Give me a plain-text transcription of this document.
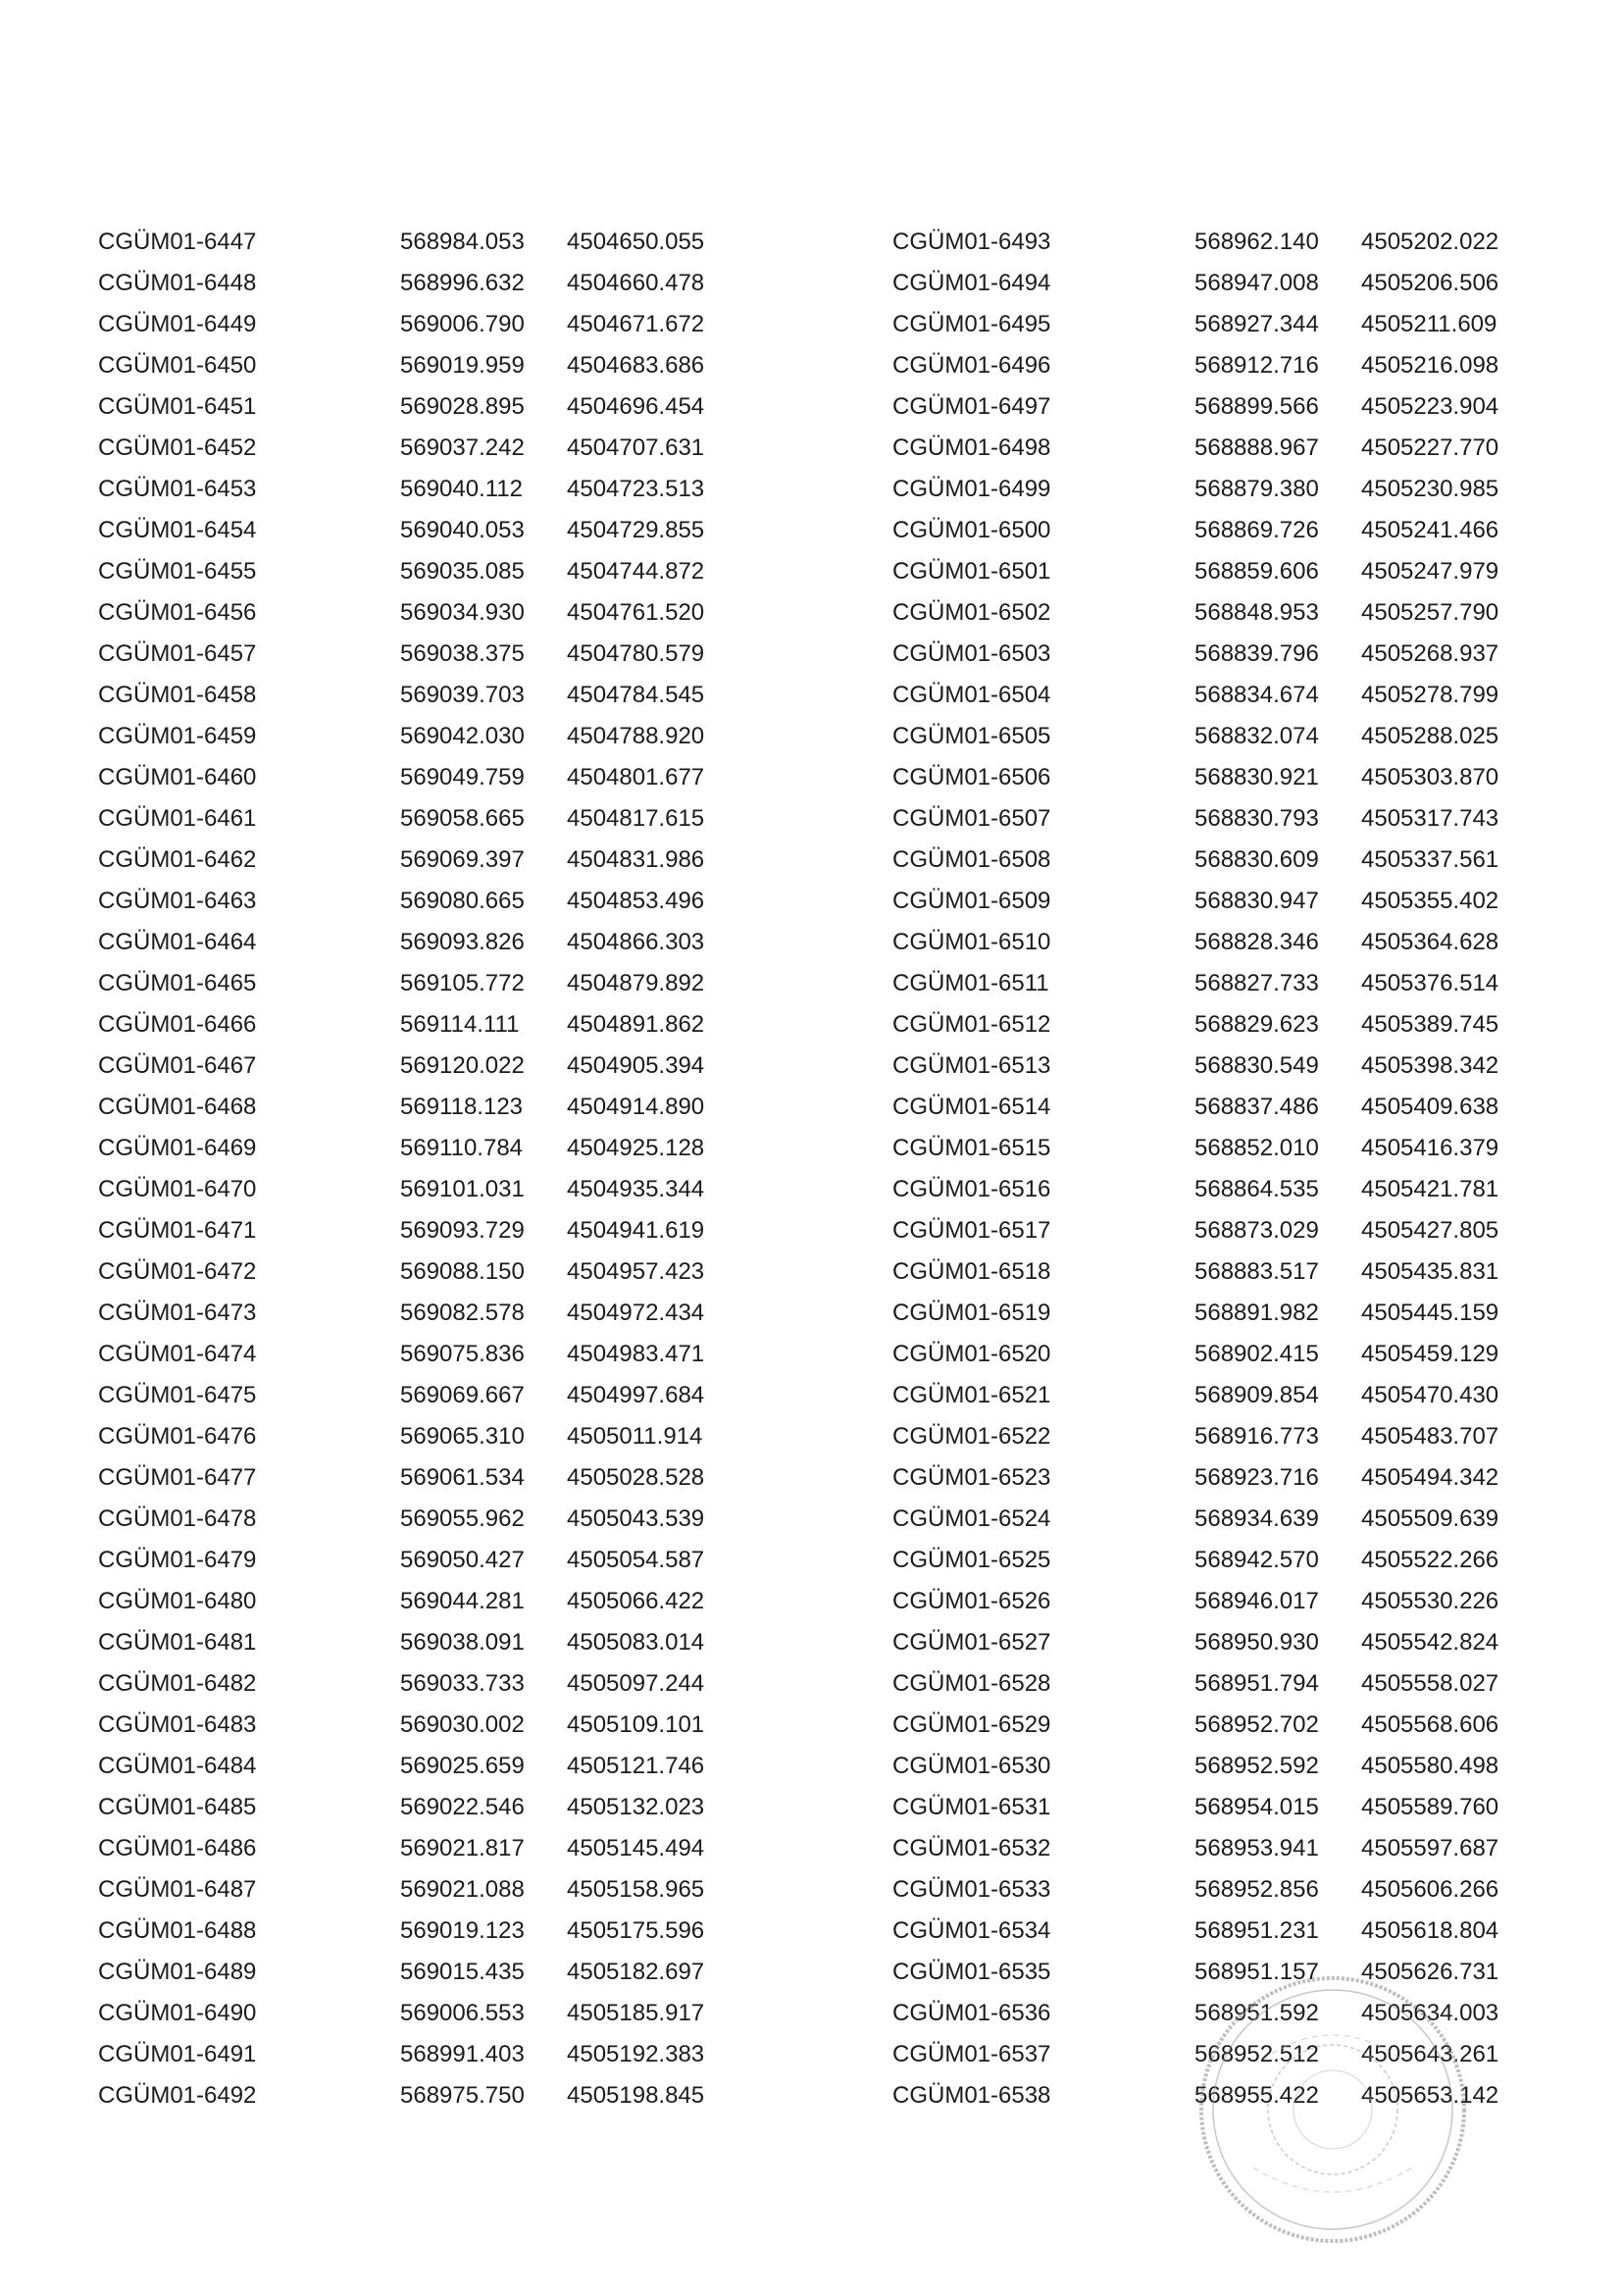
CGÜM01-6447	568984.053 4504650.055
CGÜM01-6448	568996.632 4504660.478
CGÜM01-6449	569006.790 4504671.672
CGÜM01-6450	569019.959 4504683.686
CGÜM01-6451	569028.895 4504696.454
CGÜM01-6452	569037.242 4504707.631
CGÜM01-6453	569040.112 4504723.513
CGÜM01-6454	569040.053 4504729.855
CGÜM01-6455	569035.085 4504744.872
CGÜM01-6456	569034.930 4504761.520
CGÜM01-6457	569038.375 4504780.579
CGÜM01-6458	569039.703 4504784.545
CGÜM01-6459	569042.030 4504788.920
CGÜM01-6460	569049.759 4504801.677
CGÜM01-6461	569058.665 4504817.615
CGÜM01-6462	569069.397 4504831.986
CGÜM01-6463	569080.665 4504853.496
CGÜM01-6464	569093.826 4504866.303
CGÜM01-6465	569105.772 4504879.892
CGÜM01-6466	569114.111 4504891.862
CGÜM01-6467	569120.022 4504905.394
CGÜM01-6468	569118.123 4504914.890
CGÜM01-6469	569110.784 4504925.128
CGÜM01-6470	569101.031 4504935.344
CGÜM01-6471	569093.729 4504941.619
CGÜM01-6472	569088.150 4504957.423
CGÜM01-6473	569082.578 4504972.434
CGÜM01-6474	569075.836 4504983.471
CGÜM01-6475	569069.667 4504997.684
CGÜM01-6476	569065.310 4505011.914
CGÜM01-6477	569061.534 4505028.528
CGÜM01-6478	569055.962 4505043.539
CGÜM01-6479	569050.427 4505054.587
CGÜM01-6480	569044.281 4505066.422
CGÜM01-6481	569038.091 4505083.014
CGÜM01-6482	569033.733 4505097.244
CGÜM01-6483	569030.002 4505109.101
CGÜM01-6484	569025.659 4505121.746
CGÜM01-6485	569022.546 4505132.023
CGÜM01-6486	569021.817 4505145.494
CGÜM01-6487	569021.088 4505158.965
CGÜM01-6488	569019.123 4505175.596
CGÜM01-6489	569015.435 4505182.697
CGÜM01-6490	569006.553 4505185.917
CGÜM01-6491	568991.403 4505192.383
CGÜM01-6492	568975.750 4505198.845
CGÜM01-6493	568962.140 4505202.022
CGÜM01-6494	568947.008 4505206.506
CGÜM01-6495	568927.344 4505211.609
CGÜM01-6496	568912.716 4505216.098
CGÜM01-6497	568899.566 4505223.904
CGÜM01-6498	568888.967 4505227.770
CGÜM01-6499	568879.380 4505230.985
CGÜM01-6500	568869.726 4505241.466
CGÜM01-6501	568859.606 4505247.979
CGÜM01-6502	568848.953 4505257.790
CGÜM01-6503	568839.796 4505268.937
CGÜM01-6504	568834.674 4505278.799
CGÜM01-6505	568832.074 4505288.025
CGÜM01-6506	568830.921 4505303.870
CGÜM01-6507	568830.793 4505317.743
CGÜM01-6508	568830.609 4505337.561
CGÜM01-6509	568830.947 4505355.402
CGÜM01-6510	568828.346 4505364.628
CGÜM01-6511	568827.733 4505376.514
CGÜM01-6512	568829.623 4505389.745
CGÜM01-6513	568830.549 4505398.342
CGÜM01-6514	568837.486 4505409.638
CGÜM01-6515	568852.010 4505416.379
CGÜM01-6516	568864.535 4505421.781
CGÜM01-6517	568873.029 4505427.805
CGÜM01-6518	568883.517 4505435.831
CGÜM01-6519	568891.982 4505445.159
CGÜM01-6520	568902.415 4505459.129
CGÜM01-6521	568909.854 4505470.430
CGÜM01-6522	568916.773 4505483.707
CGÜM01-6523	568923.716 4505494.342
CGÜM01-6524	568934.639 4505509.639
CGÜM01-6525	568942.570 4505522.266
CGÜM01-6526	568946.017 4505530.226
CGÜM01-6527	568950.930 4505542.824
CGÜM01-6528	568951.794 4505558.027
CGÜM01-6529	568952.702 4505568.606
CGÜM01-6530	568952.592 4505580.498
CGÜM01-6531	568954.015 4505589.760
CGÜM01-6532	568953.941 4505597.687
CGÜM01-6533	568952.856 4505606.266
CGÜM01-6534	568951.231 4505618.804
CGÜM01-6535	568951.157 4505626.731
CGÜM01-6536	568951.592 4505634.003
CGÜM01-6537	568952.512 4505643.261
CGÜM01-6538	568955.422 4505653.142
